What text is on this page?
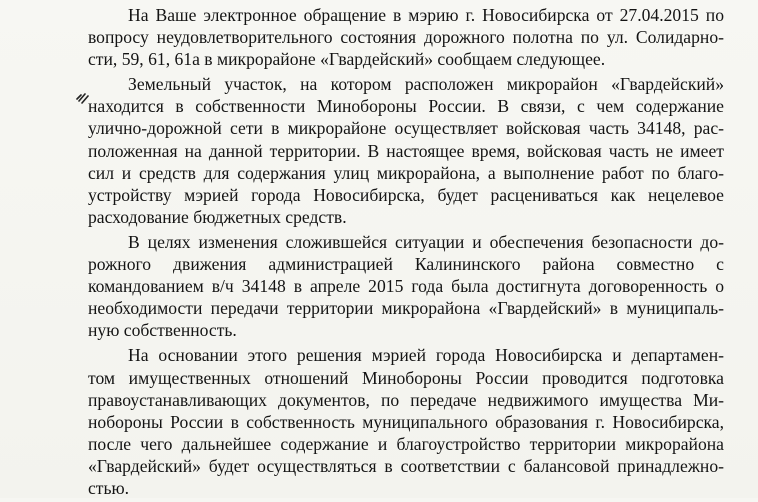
На Ваше электронное обращение в мэрию г. Новосибирска от 27.04.2015 по
вопросу неудовлетворительного состояния дорожного полотна по ул. Солидарно-
сти, 59, 61, 61а в микрорайоне «Гвардейский» сообщаем следующее.

Земельный участок, на котором расположен микрорайон «Гвардейский»
находится в собственности Минобороны России. В связи, с чем содержание
улично-дорожной сети в микрорайоне осуществляет войсковая часть 34148, рас-
положенная на данной территории. В настоящее время, войсковая часть не имеет
сил и средств для содержания улиц микрорайона, а выполнение работ по благо-
устройству мэрией города Новосибирска, будет расцениваться как нецелевое
расходование бюджетных средств.

В целях изменения сложившейся ситуации и обеспечения безопасности до-
рожного движения администрацией Калининского района совместно с
командованием в/ч 34148 в апреле 2015 года была достигнута договоренность о
необходимости передачи территории микрорайона «Гвардейский» в муниципаль-
ную собственность.

На основании этого решения мэрией города Новосибирска и департамен-
том имущественных отношений Минобороны России проводится подготовка
правоустанавливающих документов, по передаче недвижимого имущества Ми-
нобороны России в собственность муниципального образования г. Новосибирска,
после чего дальнейшее содержание и благоустройство территории микрорайона
«Гвардейский» будет осуществляться в соответствии с балансовой принадлежно-
стью.
